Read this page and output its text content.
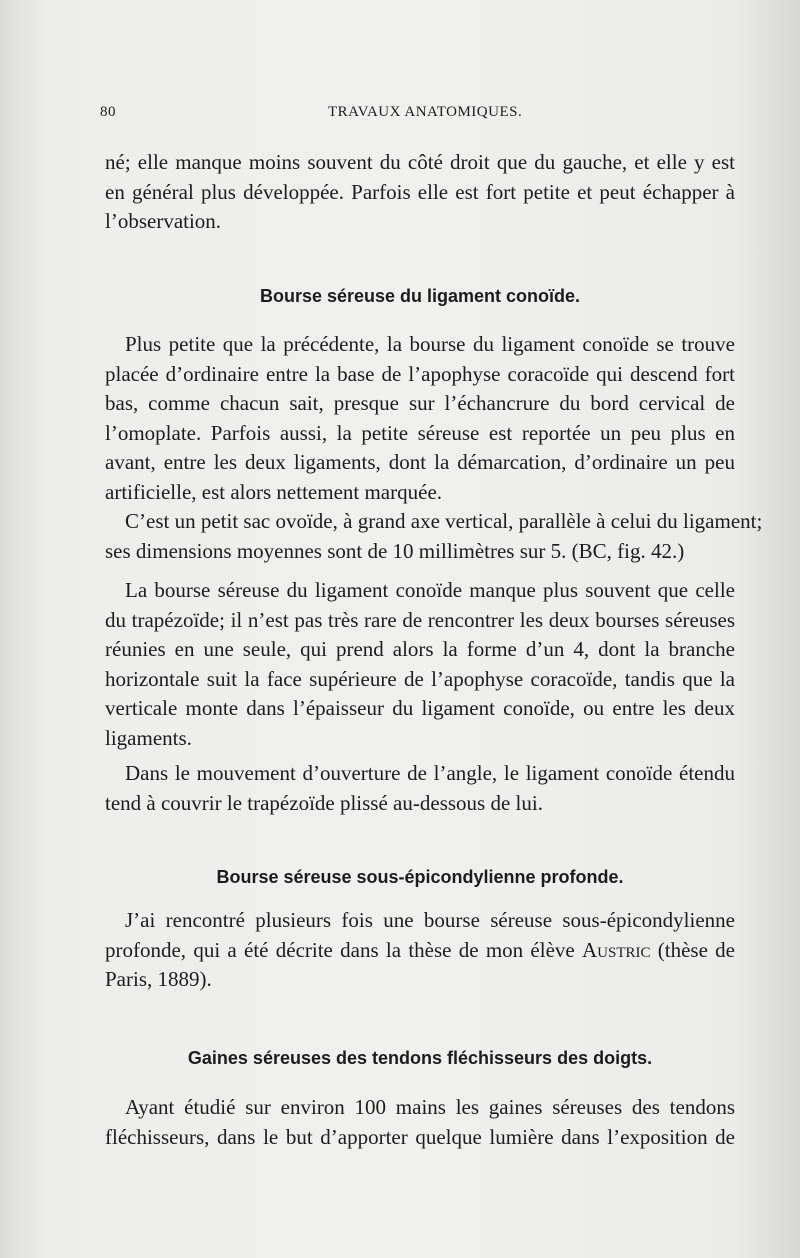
80	TRAVAUX ANATOMIQUES.
né; elle manque moins souvent du côté droit que du gauche, et elle y est
en général plus développée. Parfois elle est fort petite et peut échapper à
l’observation.
Bourse séreuse du ligament conoïde.
Plus petite que la précédente, la bourse du ligament conoïde se trouve
placée d’ordinaire entre la base de l’apophyse coracoïde qui descend fort
bas, comme chacun sait, presque sur l’échancrure du bord cervical de
l’omoplate. Parfois aussi, la petite séreuse est reportée un peu plus en
avant, entre les deux ligaments, dont la démarcation, d’ordinaire un peu
artificielle, est alors nettement marquée.
C’est un petit sac ovoïde, à grand axe vertical, parallèle à celui du ligament;
ses dimensions moyennes sont de 10 millimètres sur 5. (BC, fig. 42.)
La bourse séreuse du ligament conoïde manque plus souvent que celle
du trapézoïde; il n’est pas très rare de rencontrer les deux bourses séreuses
réunies en une seule, qui prend alors la forme d’un 4, dont la branche
horizontale suit la face supérieure de l’apophyse coracoïde, tandis que la
verticale monte dans l’épaisseur du ligament conoïde, ou entre les deux
ligaments.
Dans le mouvement d’ouverture de l’angle, le ligament conoïde étendu
tend à couvrir le trapézoïde plissé au-dessous de lui.
Bourse séreuse sous-épicondylienne profonde.
J’ai rencontré plusieurs fois une bourse séreuse sous-épicondylienne
profonde, qui a été décrite dans la thèse de mon élève Austric (thèse de
Paris, 1889).
Gaines séreuses des tendons fléchisseurs des doigts.
Ayant étudié sur environ 100 mains les gaines séreuses des tendons
fléchisseurs, dans le but d’apporter quelque lumière dans l’exposition de
